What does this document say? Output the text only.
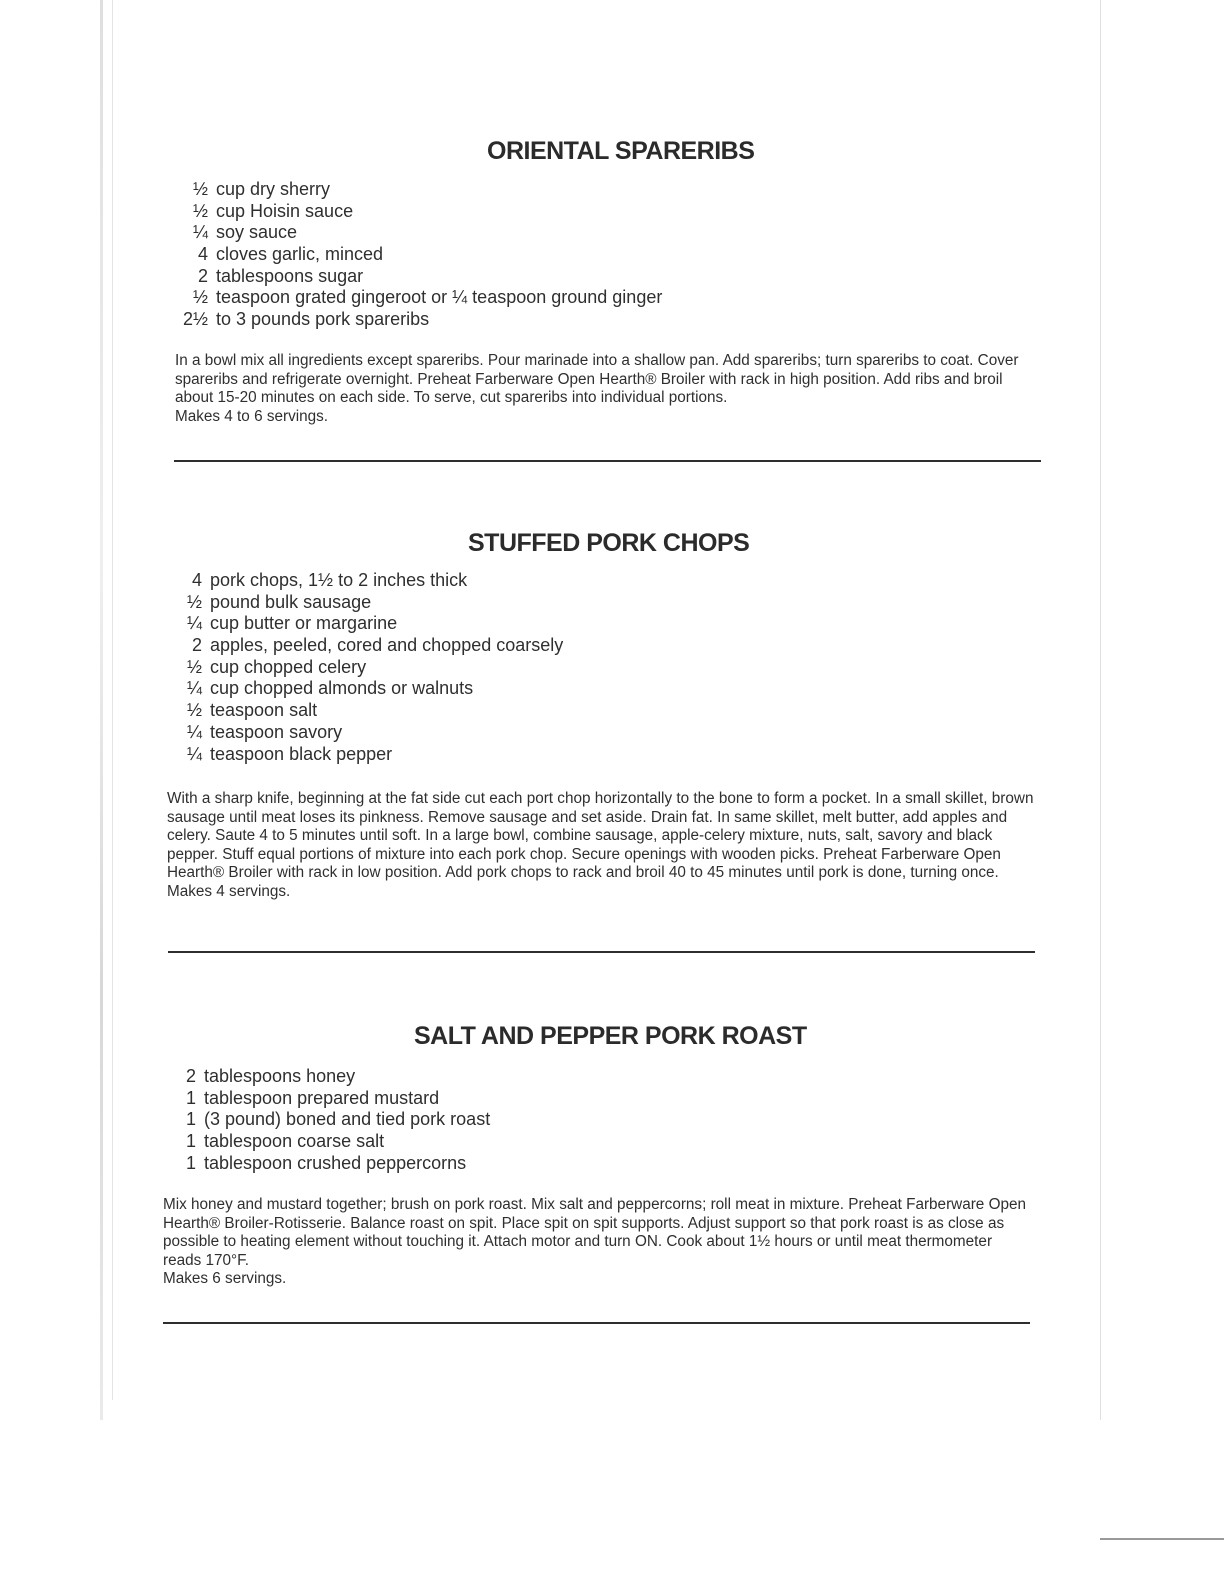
ORIENTAL SPARERIBS
½ cup dry sherry
½ cup Hoisin sauce
¼ soy sauce
4 cloves garlic, minced
2 tablespoons sugar
½ teaspoon grated gingeroot or ¼ teaspoon ground ginger
2½ to 3 pounds pork spareribs
In a bowl mix all ingredients except spareribs. Pour marinade into a shallow pan. Add spareribs; turn spareribs to coat. Cover spareribs and refrigerate overnight. Preheat Farberware Open Hearth® Broiler with rack in high position. Add ribs and broil about 15-20 minutes on each side. To serve, cut spareribs into individual portions.
Makes 4 to 6 servings.
STUFFED PORK CHOPS
4 pork chops, 1½ to 2 inches thick
½ pound bulk sausage
¼ cup butter or margarine
2 apples, peeled, cored and chopped coarsely
½ cup chopped celery
¼ cup chopped almonds or walnuts
½ teaspoon salt
¼ teaspoon savory
¼ teaspoon black pepper
With a sharp knife, beginning at the fat side cut each port chop horizontally to the bone to form a pocket. In a small skillet, brown sausage until meat loses its pinkness. Remove sausage and set aside. Drain fat. In same skillet, melt butter, add apples and celery. Saute 4 to 5 minutes until soft. In a large bowl, combine sausage, apple-celery mixture, nuts, salt, savory and black pepper. Stuff equal portions of mixture into each pork chop. Secure openings with wooden picks. Preheat Farberware Open Hearth® Broiler with rack in low position. Add pork chops to rack and broil 40 to 45 minutes until pork is done, turning once.
Makes 4 servings.
SALT AND PEPPER PORK ROAST
2 tablespoons honey
1 tablespoon prepared mustard
1 (3 pound) boned and tied pork roast
1 tablespoon coarse salt
1 tablespoon crushed peppercorns
Mix honey and mustard together; brush on pork roast. Mix salt and peppercorns; roll meat in mixture. Preheat Farberware Open Hearth® Broiler-Rotisserie. Balance roast on spit. Place spit on spit supports. Adjust support so that pork roast is as close as possible to heating element without touching it. Attach motor and turn ON. Cook about 1½ hours or until meat thermometer reads 170°F.
Makes 6 servings.
